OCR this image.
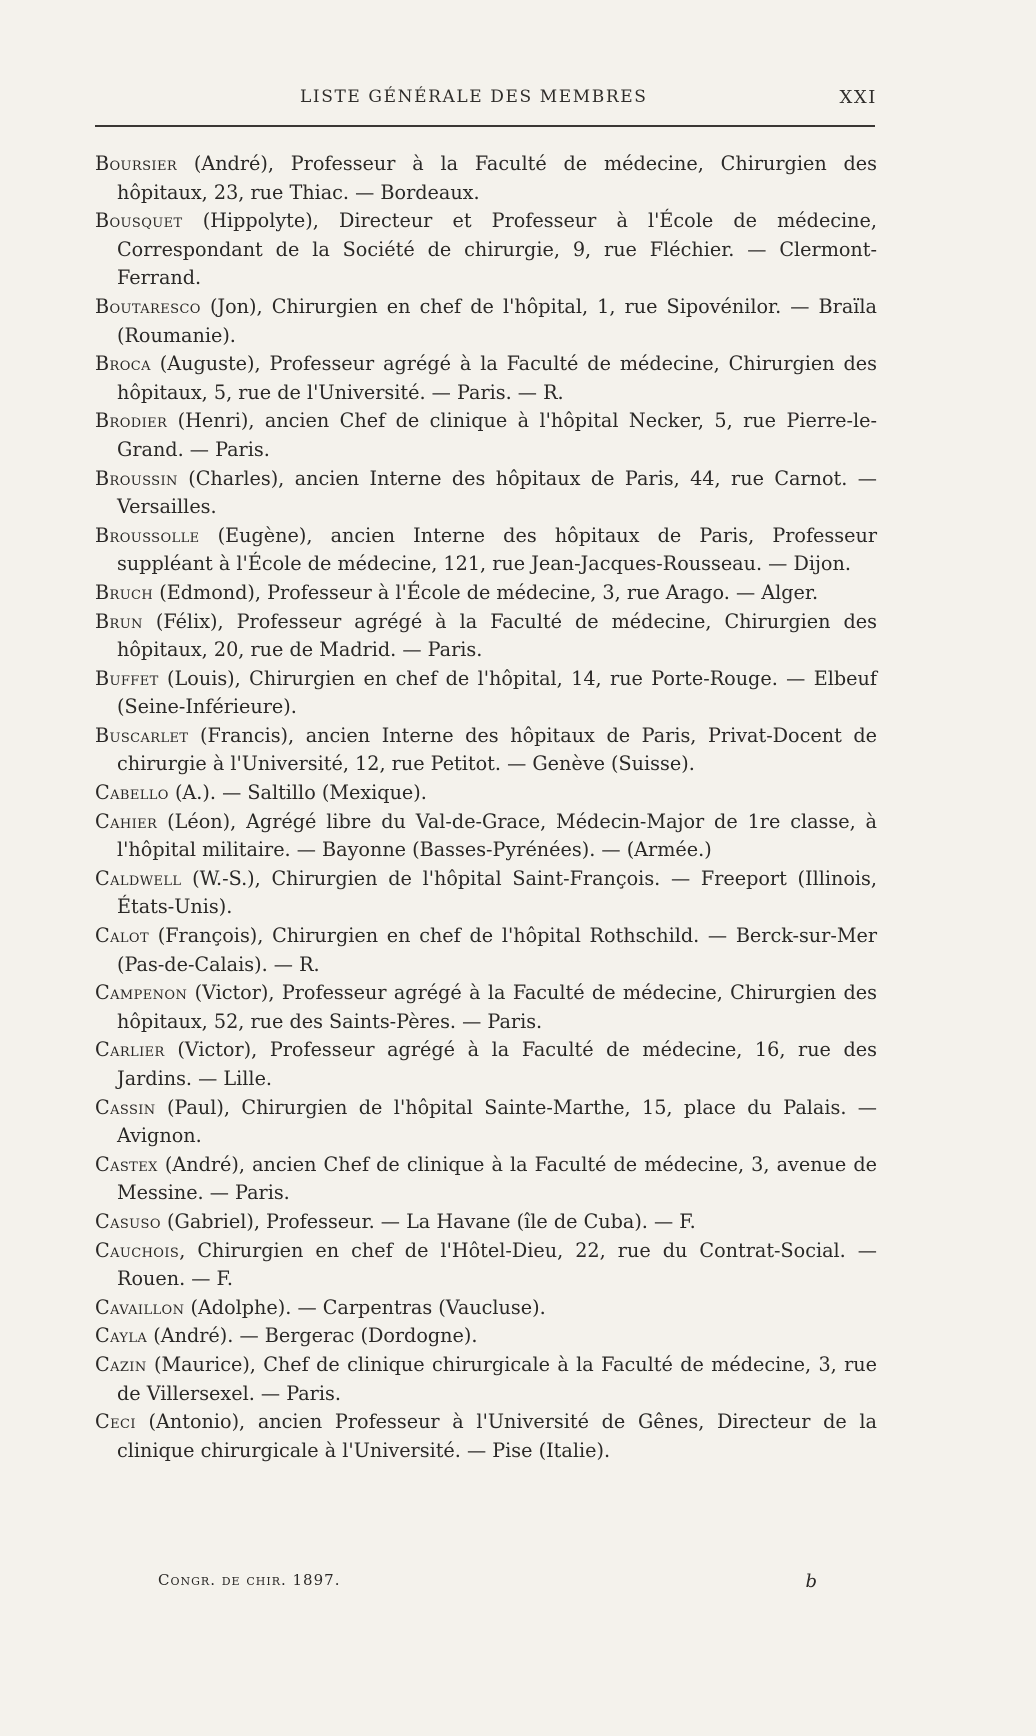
LISTE GÉNÉRALE DES MEMBRES	XXI
Boursier (André), Professeur à la Faculté de médecine, Chirurgien des hôpitaux, 23, rue Thiac. — Bordeaux.
Bousquet (Hippolyte), Directeur et Professeur à l'École de médecine, Correspondant de la Société de chirurgie, 9, rue Fléchier. — Clermont-Ferrand.
Boutaresco (Jon), Chirurgien en chef de l'hôpital, 1, rue Sipovénilor. — Braïla (Roumanie).
Broca (Auguste), Professeur agrégé à la Faculté de médecine, Chirurgien des hôpitaux, 5, rue de l'Université. — Paris. — R.
Brodier (Henri), ancien Chef de clinique à l'hôpital Necker, 5, rue Pierre-le-Grand. — Paris.
Broussin (Charles), ancien Interne des hôpitaux de Paris, 44, rue Carnot. — Versailles.
Broussolle (Eugène), ancien Interne des hôpitaux de Paris, Professeur suppléant à l'École de médecine, 121, rue Jean-Jacques-Rousseau. — Dijon.
Bruch (Edmond), Professeur à l'École de médecine, 3, rue Arago. — Alger.
Brun (Félix), Professeur agrégé à la Faculté de médecine, Chirurgien des hôpitaux, 20, rue de Madrid. — Paris.
Buffet (Louis), Chirurgien en chef de l'hôpital, 14, rue Porte-Rouge. — Elbeuf (Seine-Inférieure).
Buscarlet (Francis), ancien Interne des hôpitaux de Paris, Privat-Docent de chirurgie à l'Université, 12, rue Petitot. — Genève (Suisse).
Cabello (A.). — Saltillo (Mexique).
Cahier (Léon), Agrégé libre du Val-de-Grace, Médecin-Major de 1re classe, à l'hôpital militaire. — Bayonne (Basses-Pyrénées). — (Armée.)
Caldwell (W.-S.), Chirurgien de l'hôpital Saint-François. — Freeport (Illinois, États-Unis).
Calot (François), Chirurgien en chef de l'hôpital Rothschild. — Berck-sur-Mer (Pas-de-Calais). — R.
Campenon (Victor), Professeur agrégé à la Faculté de médecine, Chirurgien des hôpitaux, 52, rue des Saints-Pères. — Paris.
Carlier (Victor), Professeur agrégé à la Faculté de médecine, 16, rue des Jardins. — Lille.
Cassin (Paul), Chirurgien de l'hôpital Sainte-Marthe, 15, place du Palais. — Avignon.
Castex (André), ancien Chef de clinique à la Faculté de médecine, 3, avenue de Messine. — Paris.
Casuso (Gabriel), Professeur. — La Havane (île de Cuba). — F.
Cauchois, Chirurgien en chef de l'Hôtel-Dieu, 22, rue du Contrat-Social. — Rouen. — F.
Cavaillon (Adolphe). — Carpentras (Vaucluse).
Cayla (André). — Bergerac (Dordogne).
Cazin (Maurice), Chef de clinique chirurgicale à la Faculté de médecine, 3, rue de Villersexel. — Paris.
Ceci (Antonio), ancien Professeur à l'Université de Gênes, Directeur de la clinique chirurgicale à l'Université. — Pise (Italie).
Congr. de chir. 1897.	b
